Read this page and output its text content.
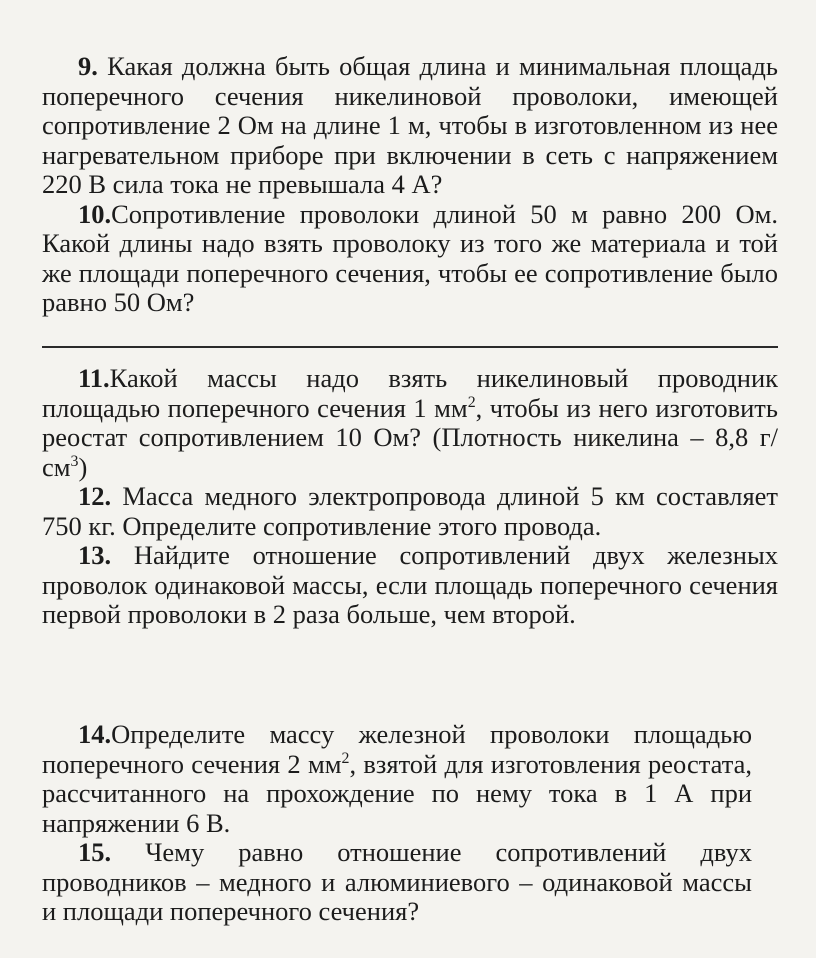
9. Какая должна быть общая длина и минимальная площадь поперечного сечения никелиновой проволоки, имеющей сопротивление 2 Ом на длине 1 м, чтобы в изготовленном из нее нагревательном приборе при включении в сеть с напряжением 220 В сила тока не превышала 4 А?

10.Сопротивление проволоки длиной 50 м равно 200 Ом. Какой длины надо взять проволоку из того же материала и той же площади поперечного сечения, чтобы ее сопротивление было равно 50 Ом?

11.Какой массы надо взять никелиновый проводник площадью поперечного сечения 1 $мм^2$, чтобы из него изготовить реостат сопротивлением 10 Ом? (Плотность никелина – 8,8 $г/см^3$)

12. Масса медного электропровода длиной 5 км составляет 750 кг. Определите сопротивление этого провода.

13. Найдите отношение сопротивлений двух железных проволок одинаковой массы, если площадь поперечного сечения первой проволоки в 2 раза больше, чем второй.

14.Определите массу железной проволоки площадью поперечного сечения 2 $мм^2$, взятой для изготовления реостата, рассчитанного на прохождение по нему тока в 1 А при напряжении 6 В.

15. Чему равно отношение сопротивлений двух проводников – медного и алюминиевого – одинаковой массы и площади поперечного сечения?
